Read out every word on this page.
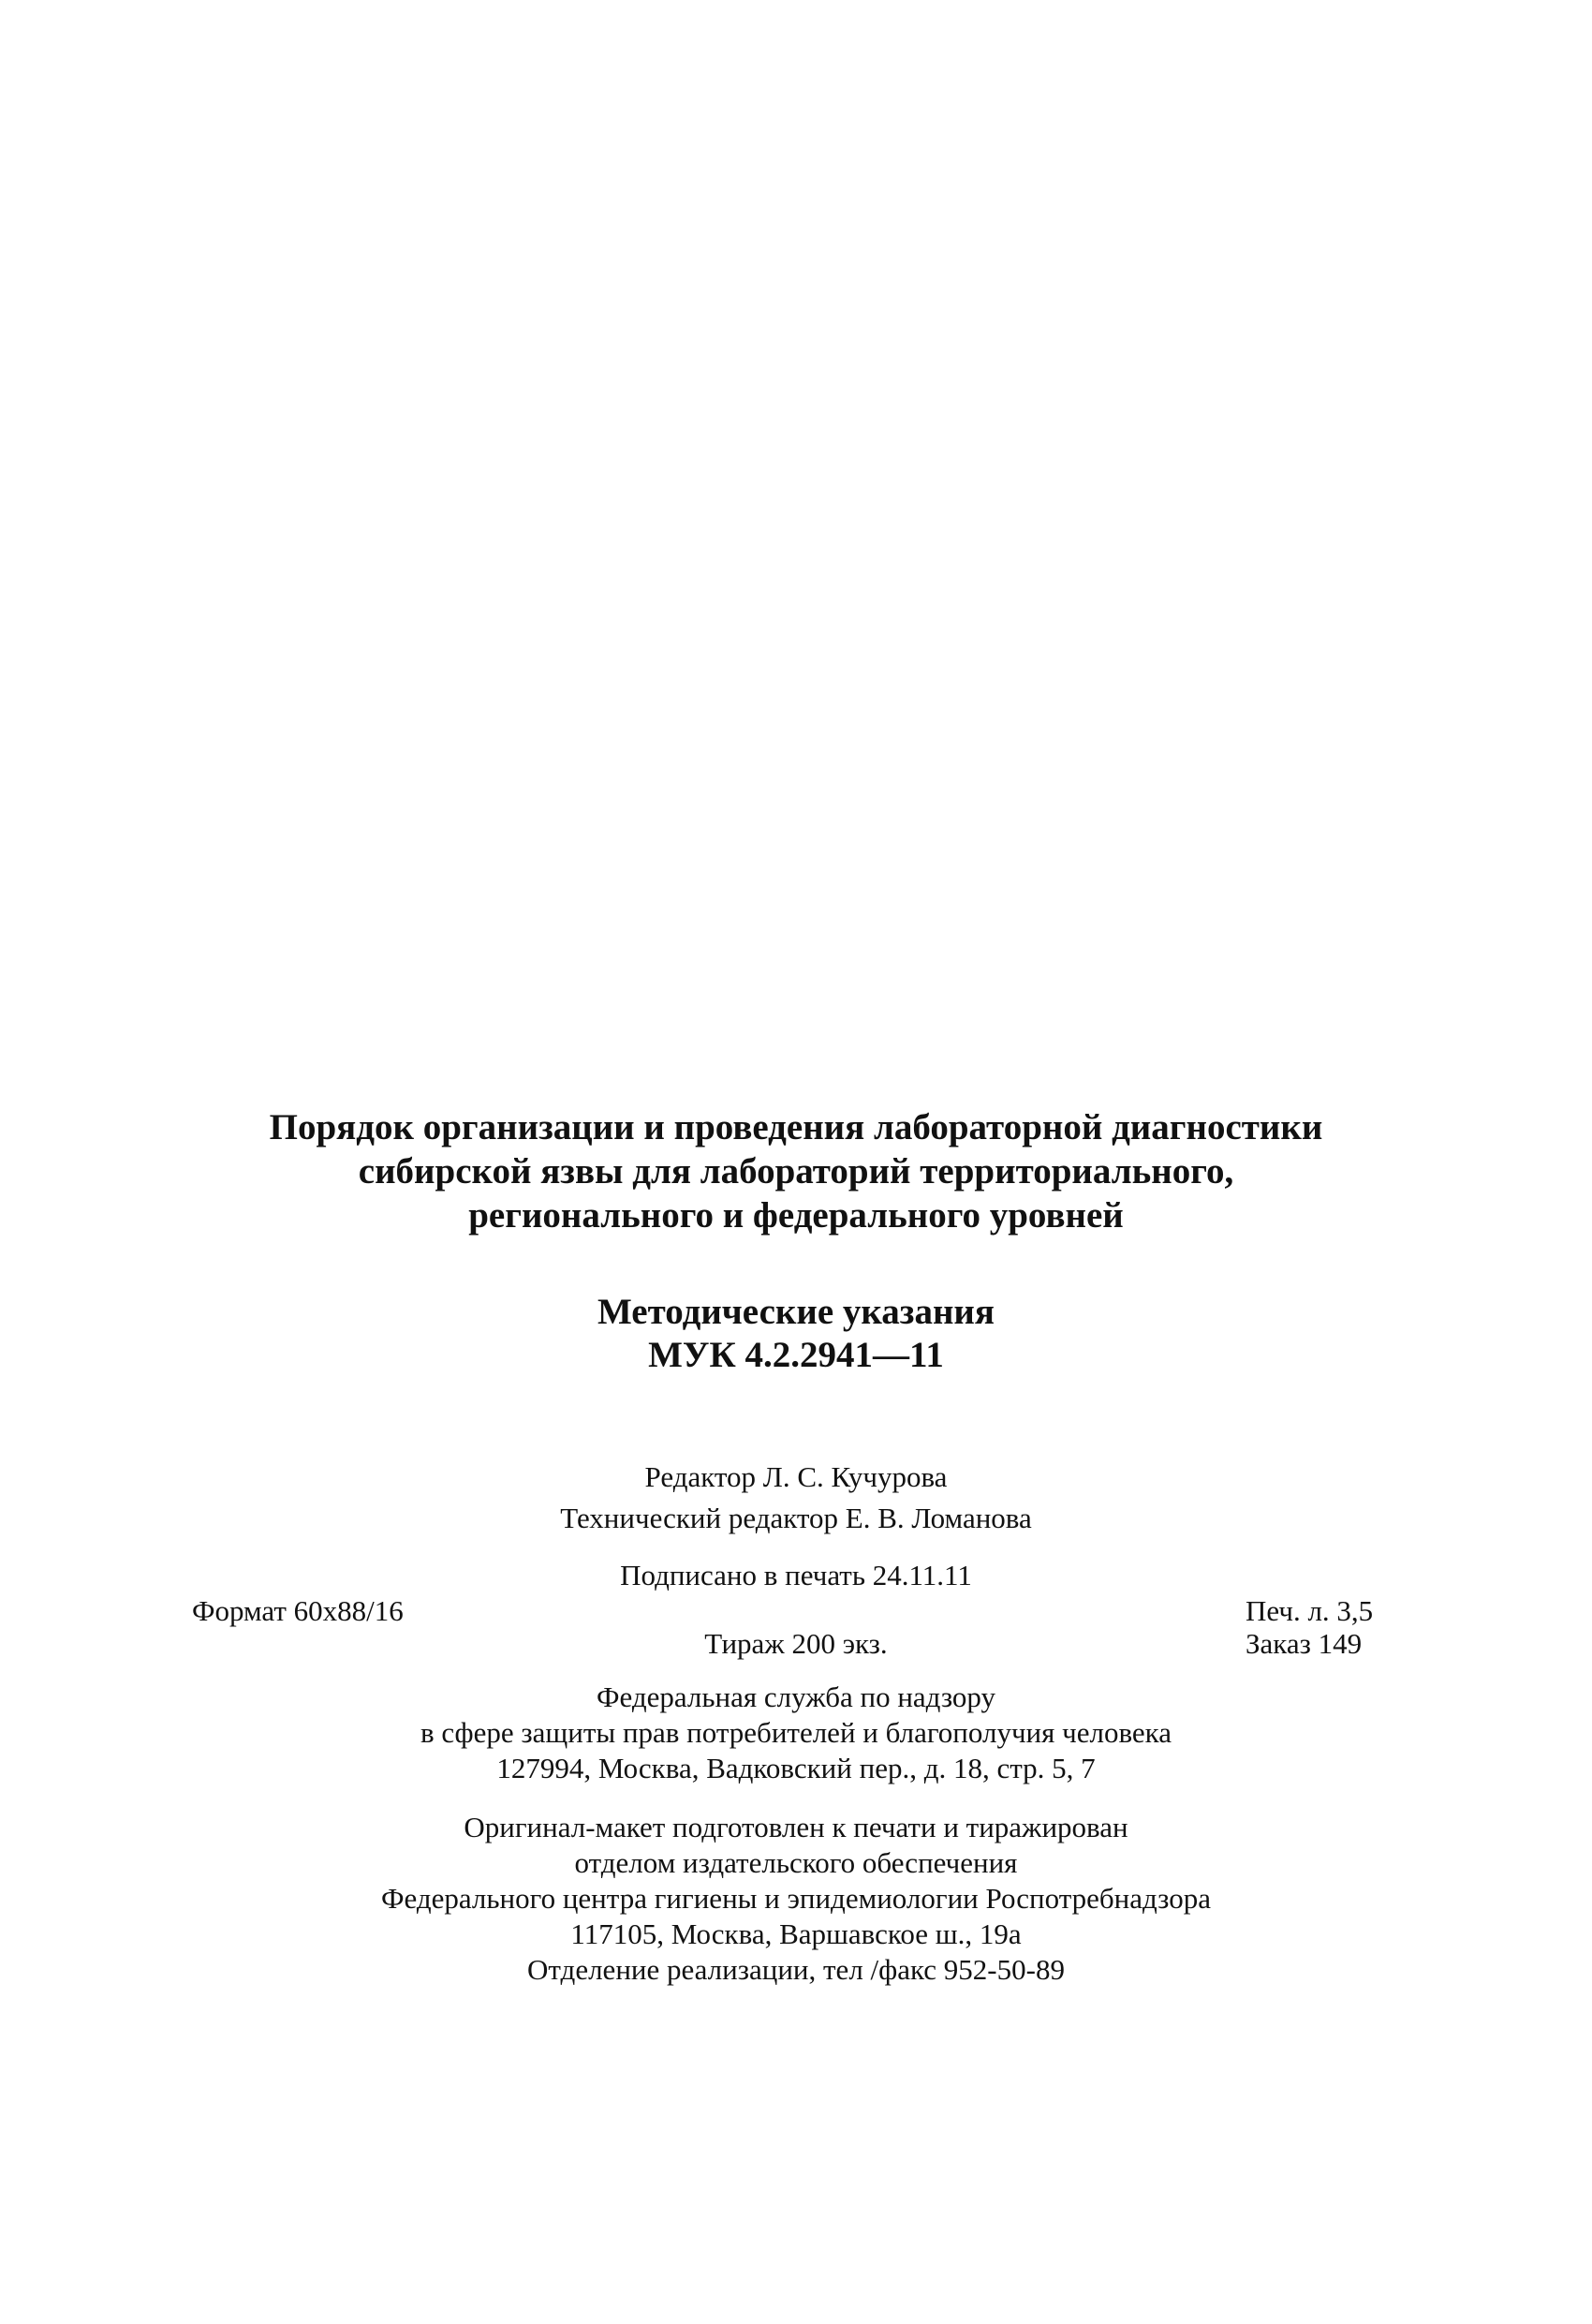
Порядок организации и проведения лабораторной диагностики
сибирской язвы для лабораторий территориального,
регионального и федерального уровней
Методические указания
МУК 4.2.2941—11
Редактор Л. С. Кучурова
Технический редактор Е. В. Ломанова
Подписано в печать 24.11.11
Формат 60x88/16	Печ. л. 3,5
Тираж 200 экз.	Заказ 149
Федеральная служба по надзору
в сфере защиты прав потребителей и благополучия человека
127994, Москва, Вадковский пер., д. 18, стр. 5, 7
Оригинал-макет подготовлен к печати и тиражирован
отделом издательского обеспечения
Федерального центра гигиены и эпидемиологии Роспотребнадзора
117105, Москва, Варшавское ш., 19а
Отделение реализации, тел /факс 952-50-89
